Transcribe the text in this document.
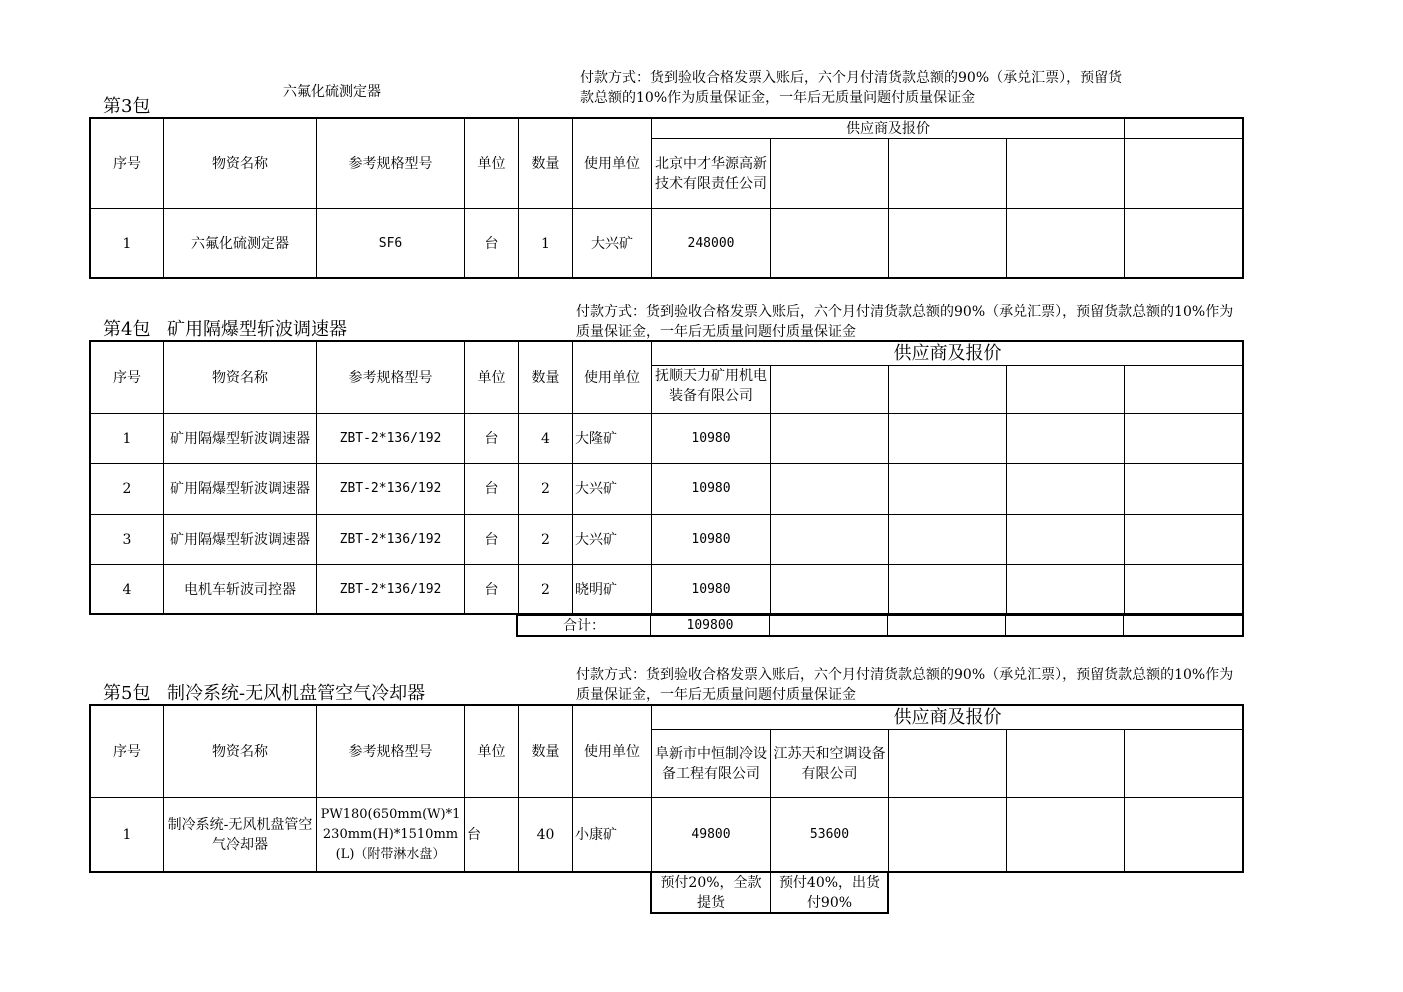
付款方式：货到验收合格发票入账后，六个月付清货款总额的90%（承兑汇票），预留货款总额的10%作为质量保证金，一年后无质量问题付质量保证金
六氟化硫测定器
第3包
序号	物资名称	参考规格型号	单位	数量	使用单位	供应商及报价				
						北京中才华源高新技术有限责任公司				
1	六氟化硫测定器	SF6	台	1	大兴矿	248000				
付款方式：货到验收合格发票入账后，六个月付清货款总额的90%（承兑汇票），预留货款总额的10%作为质量保证金，一年后无质量问题付质量保证金
第4包 矿用隔爆型斩波调速器
序号	物资名称	参考规格型号	单位	数量	使用单位	供应商及报价				

						抚顺天力矿用机电装备有限公司				

1	矿用隔爆型斩波调速器	ZBT-2*136/192	台	4	大隆矿	10980				
2	矿用隔爆型斩波调速器	ZBT-2*136/192	台	2	大兴矿	10980				
3	矿用隔爆型斩波调速器	ZBT-2*136/192	台	2	大兴矿	10980				
4	电机车斩波司控器	ZBT-2*136/192	台	2	晓明矿	10980				
合计：	109800				
付款方式：货到验收合格发票入账后，六个月付清货款总额的90%（承兑汇票），预留货款总额的10%作为质量保证金，一年后无质量问题付质量保证金
第5包 制冷系统-无风机盘管空气冷却器
序号	物资名称	参考规格型号	单位	数量	使用单位	供应商及报价				
						阜新市中恒制冷设备工程有限公司	江苏天和空调设备有限公司			
1	制冷系统-无风机盘管空气冷却器	PW180(650mm(W)*1230mm(H)*1510mm(L)（附带淋水盘）	台	40	小康矿	49800	53600			
预付20%，全款提货	预付40%，出货付90%
